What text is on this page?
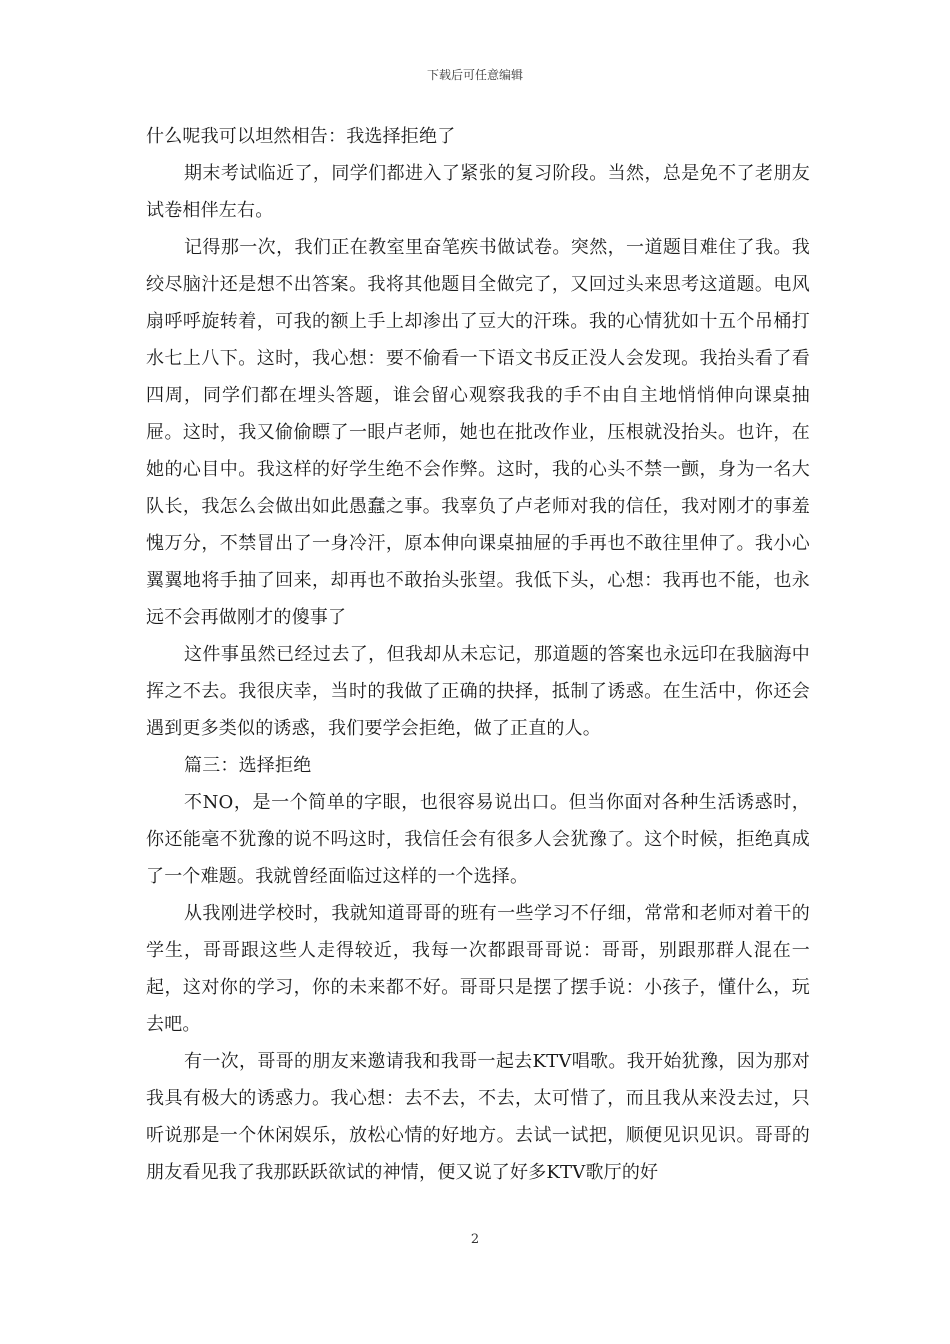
下载后可任意编辑

什么呢我可以坦然相告：我选择拒绝了

期末考试临近了，同学们都进入了紧张的复习阶段。当然，总是免不了老朋友试卷相伴左右。

记得那一次，我们正在教室里奋笔疾书做试卷。突然，一道题目难住了我。我绞尽脑汁还是想不出答案。我将其他题目全做完了，又回过头来思考这道题。电风扇呼呼旋转着，可我的额上手上却渗出了豆大的汗珠。我的心情犹如十五个吊桶打水七上八下。这时，我心想：要不偷看一下语文书反正没人会发现。我抬头看了看四周，同学们都在埋头答题，谁会留心观察我我的手不由自主地悄悄伸向课桌抽屉。这时，我又偷偷瞟了一眼卢老师，她也在批改作业，压根就没抬头。也许，在她的心目中。我这样的好学生绝不会作弊。这时，我的心头不禁一颤，身为一名大队长，我怎么会做出如此愚蠢之事。我辜负了卢老师对我的信任，我对刚才的事羞愧万分，不禁冒出了一身冷汗，原本伸向课桌抽屉的手再也不敢往里伸了。我小心翼翼地将手抽了回来，却再也不敢抬头张望。我低下头，心想：我再也不能，也永远不会再做刚才的傻事了

这件事虽然已经过去了，但我却从未忘记，那道题的答案也永远印在我脑海中挥之不去。我很庆幸，当时的我做了正确的抉择，抵制了诱惑。在生活中，你还会遇到更多类似的诱惑，我们要学会拒绝，做了正直的人。

篇三：选择拒绝

不NO，是一个简单的字眼，也很容易说出口。但当你面对各种生活诱惑时，你还能毫不犹豫的说不吗这时，我信任会有很多人会犹豫了。这个时候，拒绝真成了一个难题。我就曾经面临过这样的一个选择。

从我刚进学校时，我就知道哥哥的班有一些学习不仔细，常常和老师对着干的学生，哥哥跟这些人走得较近，我每一次都跟哥哥说：哥哥，别跟那群人混在一起，这对你的学习，你的未来都不好。哥哥只是摆了摆手说：小孩子，懂什么，玩去吧。

有一次，哥哥的朋友来邀请我和我哥一起去KTV唱歌。我开始犹豫，因为那对我具有极大的诱惑力。我心想：去不去，不去，太可惜了，而且我从来没去过，只听说那是一个休闲娱乐，放松心情的好地方。去试一试把，顺便见识见识。哥哥的朋友看见我了我那跃跃欲试的神情，便又说了好多KTV歌厅的好

2
